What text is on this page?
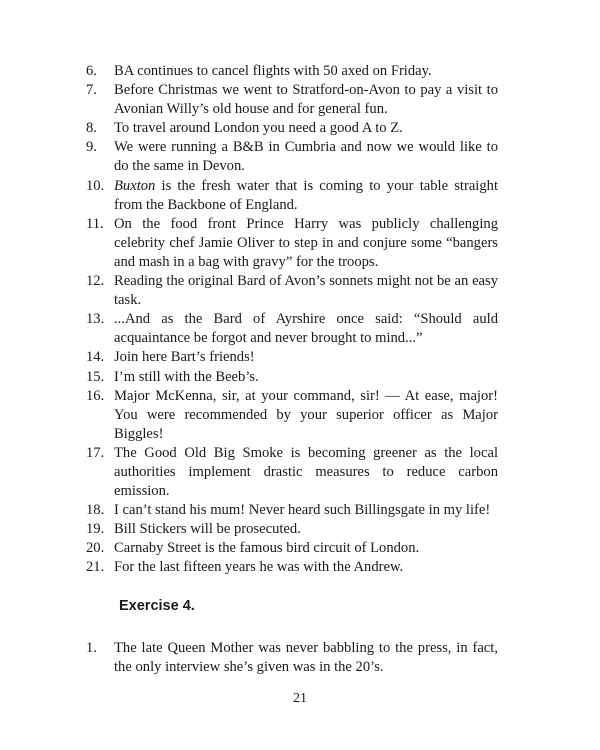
6.	BA continues to cancel flights with 50 axed on Friday.
7.	Before Christmas we went to Stratford-on-Avon to pay a visit to Avonian Willy’s old house and for general fun.
8.	To travel around London you need a good A to Z.
9.	We were running a B&B in Cumbria and now we would like to do the same in Devon.
10. Buxton is the fresh water that is coming to your table straight from the Backbone of England.
11. On the food front Prince Harry was publicly challenging celebrity chef Jamie Oliver to step in and conjure some “bangers and mash in a bag with gravy” for the troops.
12. Reading the original Bard of Avon’s sonnets might not be an easy task.
13. ...And as the Bard of Ayrshire once said: “Should auld acquaintance be forgot and never brought to mind...”
14. Join here Bart’s friends!
15. I’m still with the Beeb’s.
16. Major McKenna, sir, at your command, sir! — At ease, major! You were recommended by your superior officer as Major Biggles!
17. The Good Old Big Smoke is becoming greener as the local authorities implement drastic measures to reduce carbon emission.
18. I can’t stand his mum! Never heard such Billingsgate in my life!
19. Bill Stickers will be prosecuted.
20. Carnaby Street is the famous bird circuit of London.
21. For the last fifteen years he was with the Andrew.
Exercise 4.
1.	The late Queen Mother was never babbling to the press, in fact, the only interview she’s given was in the 20’s.
21
